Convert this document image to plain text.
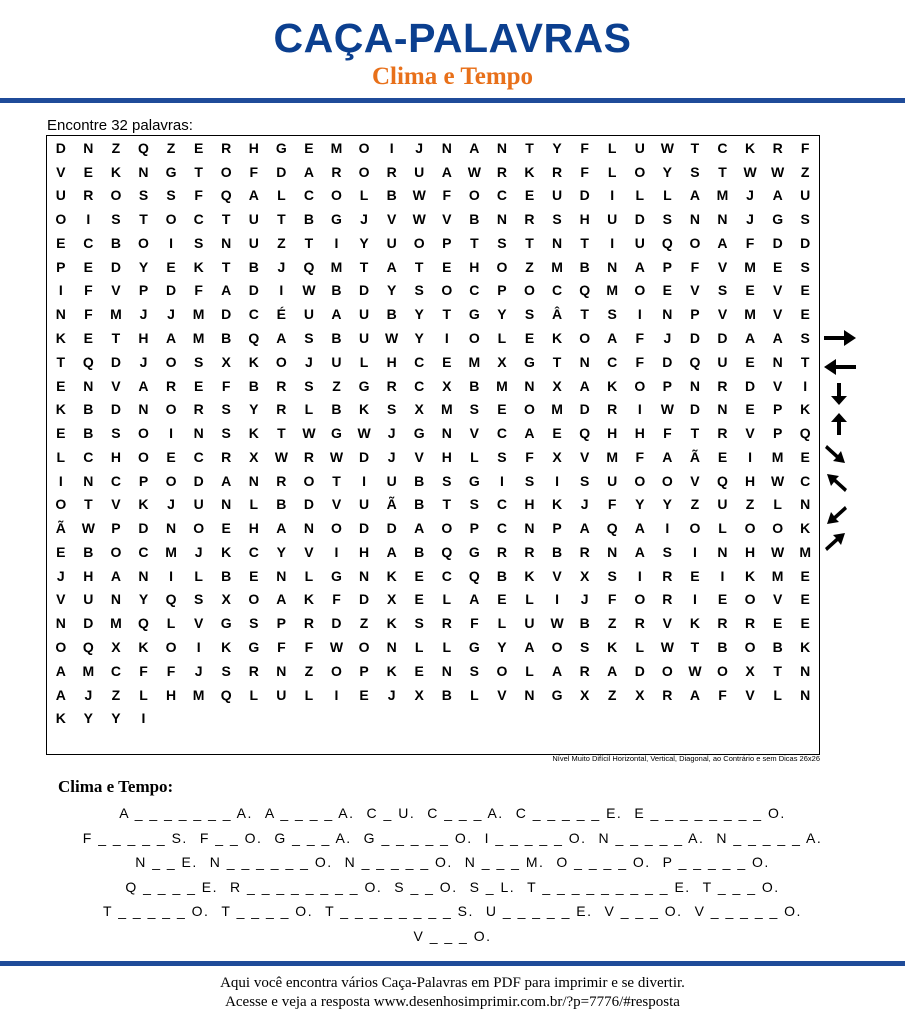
CAÇA-PALAVRAS
Clima e Tempo
Encontre 32 palavras:
D	N	Z	Q	Z	E	R	H	G	E	M	O	I	J	N	A	N	T	Y	F	L	U	W	T	C	K	R	F
V	E	K	N	G	T	O	F	D	A	R	O	R	U	A	W	R	K	R	F	L	O	Y	S	T	W	W	Z
U	R	O	S	S	F	Q	A	L	C	O	L	B	W	F	O	C	E	U	D	I	L	L	A	M	J	A	U
O	I	S	T	O	C	T	U	T	B	G	J	V	W	V	B	N	R	S	H	U	D	S	N	N	J	G	S
E	C	B	O	I	S	N	U	Z	T	I	Y	U	O	P	T	S	T	N	T	I	U	Q	O	A	F	D	D
P	E	D	Y	E	K	T	B	J	Q	M	T	A	T	E	H	O	Z	M	B	N	A	P	F	V	M	E	S
I	F	V	P	D	F	A	D	I	W	B	D	Y	S	O	C	P	O	C	Q	M	O	E	V	S	E	V	E
N	F	M	J	J	M	D	C	É	U	A	U	B	Y	T	G	Y	S	Â	T	S	I	N	P	V	M	V	E
K	E	T	H	A	M	B	Q	A	S	B	U	W	Y	I	O	L	E	K	O	A	F	J	D	D	A	A	S
T	Q	D	J	O	S	X	K	O	J	U	L	H	C	E	M	X	G	T	N	C	F	D	Q	U	E	N	T
E	N	V	A	R	E	F	B	R	S	Z	G	R	C	X	B	M	N	X	A	K	O	P	N	R	D	V	I
K	B	D	N	O	R	S	Y	R	L	B	K	S	X	M	S	E	O	M	D	R	I	W	D	N	E	P	K
E	B	S	O	I	N	S	K	T	W	G	W	J	G	N	V	C	A	E	Q	H	H	F	T	R	V	P	Q
L	C	H	O	E	C	R	X	W	R	W	D	J	V	H	L	S	F	X	V	M	F	A	Ã	E	I	M	E
I	N	C	P	O	D	A	N	R	O	T	I	U	B	S	G	I	S	I	S	U	O	O	V	Q	H	W	C
O	T	V	K	J	U	N	L	B	D	V	U	Ã	B	T	S	C	H	K	J	F	Y	Y	Z	U	Z	L	N
Ã	W	P	D	N	O	E	H	A	N	O	D	D	A	O	P	C	N	P	A	Q	A	I	O	L	O	O	K
E	B	O	C	M	J	K	C	Y	V	I	H	A	B	Q	G	R	R	B	R	N	A	S	I	N	H	W	M
J	H	A	N	I	L	B	E	N	L	G	N	K	E	C	Q	B	K	V	X	S	I	R	E	I	K	M	E
V	U	N	Y	Q	S	X	O	A	K	F	D	X	E	L	A	E	L	I	J	F	O	R	I	E	O	V	E
N	D	M	Q	L	V	G	S	P	R	D	Z	K	S	R	F	L	U	W	B	Z	R	V	K	R	R	E	E
O	Q	X	K	O	I	K	G	F	F	W	O	N	L	L	G	Y	A	O	S	K	L	W	T	B	O	B	K
A	M	C	F	F	J	S	R	N	Z	O	P	K	E	N	S	O	L	A	R	A	D	O	W	O	X	T	N
A	J	Z	L	H	M	Q	L	U	L	I	E	J	X	B	L	V	N	G	X	Z	X	R	A	F	V	L	N
K	Y	Y	I
Nível Muito Difícil Horizontal, Vertical, Diagonal, ao Contrário e sem Dicas 26x26
Clima e Tempo:
A _ _ _ _ _ _ _ A. A _ _ _ _ A. C _ U. C _ _ _ A. C _ _ _ _ _ E. E _ _ _ _ _ _ _ _ O.
F _ _ _ _ _ S. F _ _ O. G _ _ _ A. G _ _ _ _ _ O. I _ _ _ _ _ O. N _ _ _ _ _ A. N _ _ _ _ _ A.
N _ _ E. N _ _ _ _ _ _ O. N _ _ _ _ _ O. N _ _ _ M. O _ _ _ _ O. P _ _ _ _ _ O.
Q _ _ _ _ E. R _ _ _ _ _ _ _ _ O. S _ _ O. S _ L. T _ _ _ _ _ _ _ _ _ E. T _ _ _ O.
T _ _ _ _ _ O. T _ _ _ _ O. T _ _ _ _ _ _ _ _ S. U _ _ _ _ _ E. V _ _ _ O. V _ _ _ _ _ O.
V _ _ _ O.
Aqui você encontra vários Caça-Palavras em PDF para imprimir e se divertir.
Acesse e veja a resposta www.desenhosimprimir.com.br/?p=7776/#resposta
